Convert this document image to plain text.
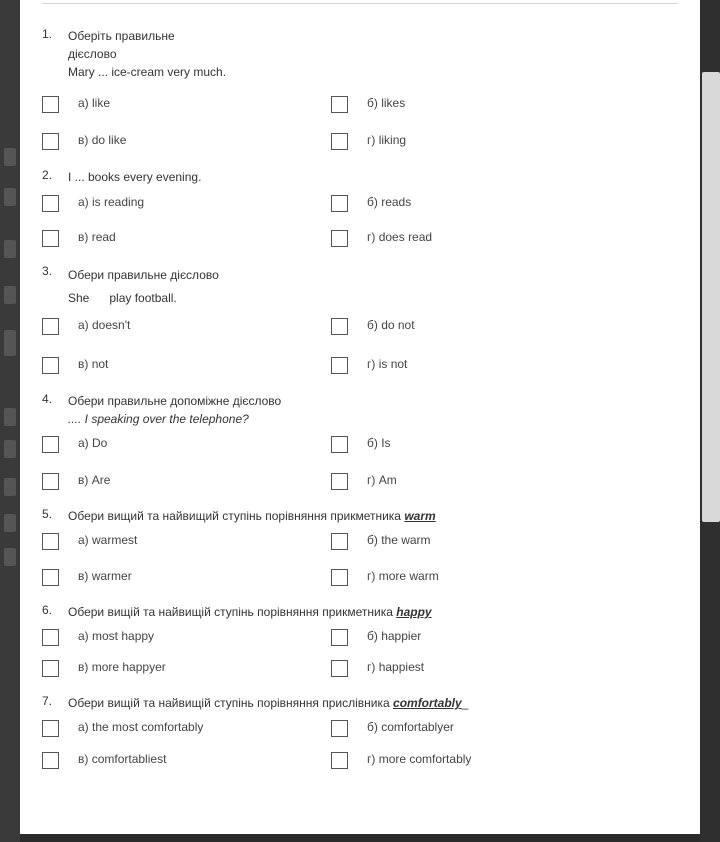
1. Оберіть правильне
дієслово
Mary ... ice-cream very much.
а) like	б) likes
в) do like	г) liking
2. I ... books every evening.
а) is reading	б) reads
в) read	г) does read
3. Обери правильне дієслово
She      play football.
а) doesn't	б) do not
в) not	г) is not
4. Обери правильне допоміжне дієслово
.... I speaking over the telephone?
а) Do	б) Is
в) Are	г) Am
5. Обери вищий та найвищий ступінь порівняння прикметника warm
а) warmest	б) the warm
в) warmer	г) more warm
6. Обери вищій та найвищій ступінь порівняння прикметника happy
а) most happy	б) happier
в) more happyer	г) happiest
7. Обери вищій та найвищій ступінь порівняння прислівника comfortably_
а) the most comfortably	б) comfortablyer
в) comfortabliest	г) more comfortably
